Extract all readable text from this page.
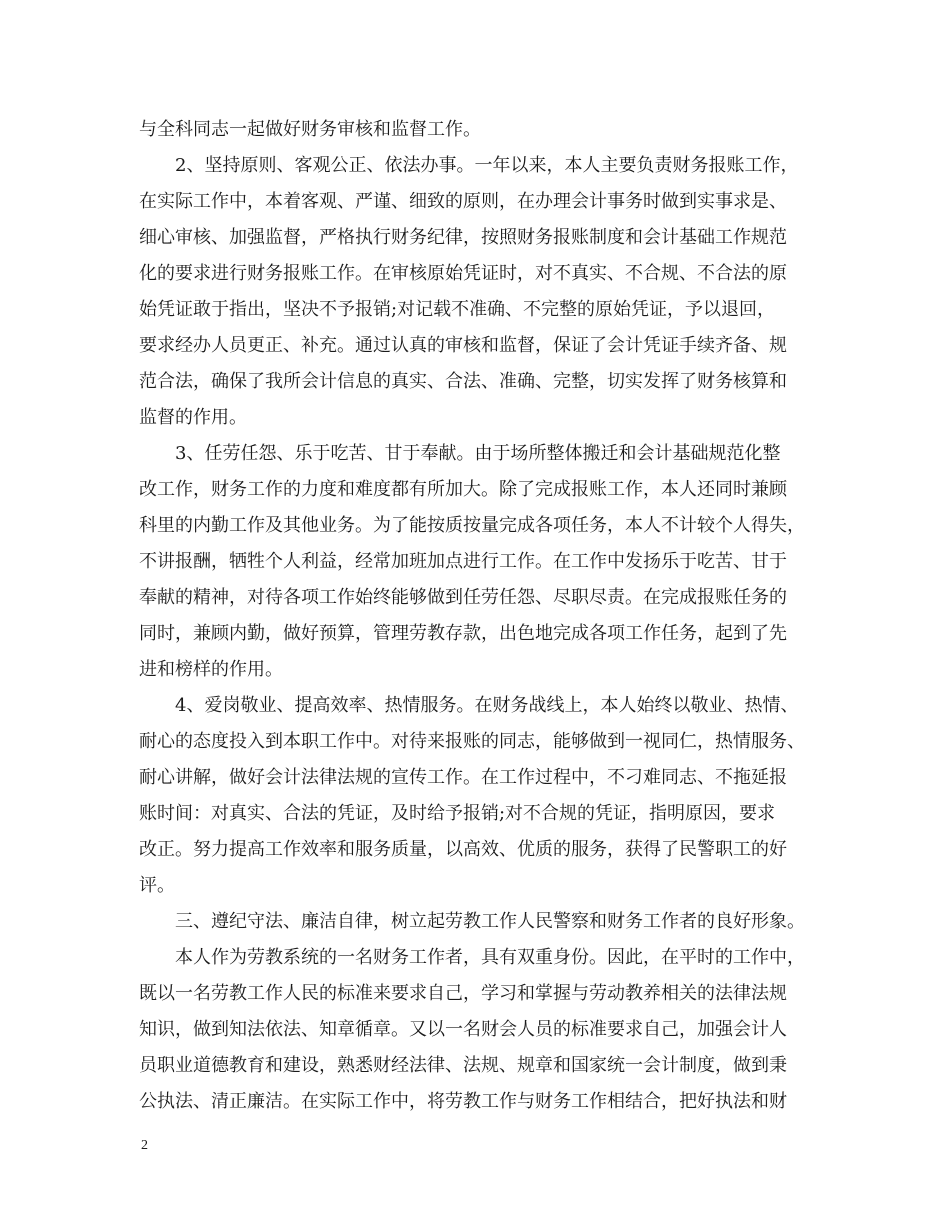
与全科同志一起做好财务审核和监督工作。
2、坚持原则、客观公正、依法办事。一年以来，本人主要负责财务报账工作，
在实际工作中，本着客观、严谨、细致的原则，在办理会计事务时做到实事求是、
细心审核、加强监督，严格执行财务纪律，按照财务报账制度和会计基础工作规范
化的要求进行财务报账工作。在审核原始凭证时，对不真实、不合规、不合法的原
始凭证敢于指出，坚决不予报销;对记载不准确、不完整的原始凭证，予以退回，
要求经办人员更正、补充。通过认真的审核和监督，保证了会计凭证手续齐备、规
范合法，确保了我所会计信息的真实、合法、准确、完整，切实发挥了财务核算和
监督的作用。
3、任劳任怨、乐于吃苦、甘于奉献。由于场所整体搬迁和会计基础规范化整
改工作，财务工作的力度和难度都有所加大。除了完成报账工作，本人还同时兼顾
科里的内勤工作及其他业务。为了能按质按量完成各项任务，本人不计较个人得失，
不讲报酬，牺牲个人利益，经常加班加点进行工作。在工作中发扬乐于吃苦、甘于
奉献的精神，对待各项工作始终能够做到任劳任怨、尽职尽责。在完成报账任务的
同时，兼顾内勤，做好预算，管理劳教存款，出色地完成各项工作任务，起到了先
进和榜样的作用。
4、爱岗敬业、提高效率、热情服务。在财务战线上，本人始终以敬业、热情、
耐心的态度投入到本职工作中。对待来报账的同志，能够做到一视同仁，热情服务、
耐心讲解，做好会计法律法规的宣传工作。在工作过程中，不刁难同志、不拖延报
账时间：对真实、合法的凭证，及时给予报销;对不合规的凭证，指明原因，要求
改正。努力提高工作效率和服务质量，以高效、优质的服务，获得了民警职工的好
评。
三、遵纪守法、廉洁自律，树立起劳教工作人民警察和财务工作者的良好形象。
本人作为劳教系统的一名财务工作者，具有双重身份。因此，在平时的工作中，
既以一名劳教工作人民的标准来要求自己，学习和掌握与劳动教养相关的法律法规
知识，做到知法依法、知章循章。又以一名财会人员的标准要求自己，加强会计人
员职业道德教育和建设，熟悉财经法律、法规、规章和国家统一会计制度，做到秉
公执法、清正廉洁。在实际工作中，将劳教工作与财务工作相结合，把好执法和财
2
